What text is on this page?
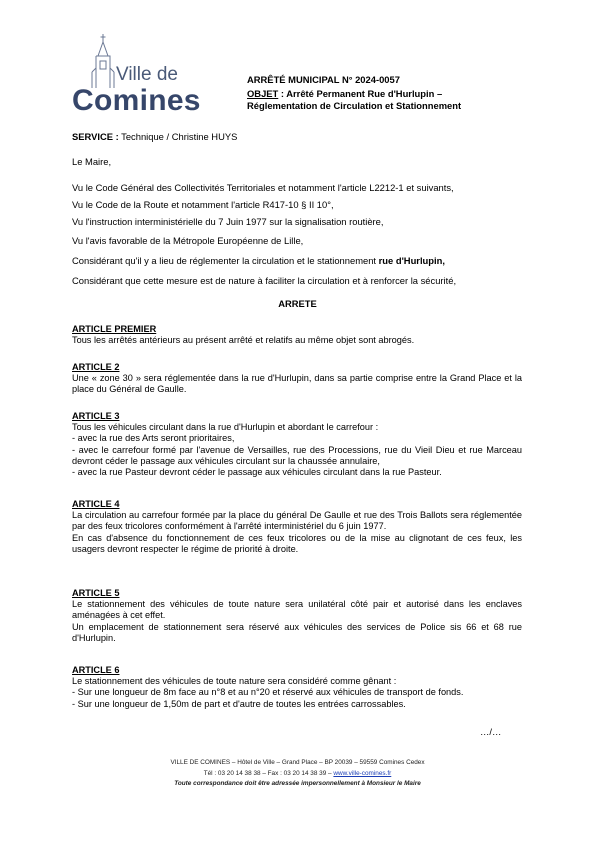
Ville de
Comines
ARRÊTÉ MUNICIPAL N° 2024-0057
OBJET : Arrêté Permanent Rue d'Hurlupin –
Réglementation de Circulation et Stationnement
SERVICE : Technique / Christine HUYS
Le Maire,
Vu le Code Général des Collectivités Territoriales et notamment l'article L2212-1 et suivants,
Vu le Code de la Route et notamment l'article R417-10 § II 10°,
Vu l'instruction interministérielle du 7 Juin 1977 sur la signalisation routière,
Vu l'avis favorable de la Métropole Européenne de Lille,
Considérant qu'il y a lieu de réglementer la circulation et le stationnement rue d'Hurlupin,
Considérant que cette mesure est de nature à faciliter la circulation et à renforcer la sécurité,
ARRETE

ARTICLE PREMIER

Tous les arrêtés antérieurs au présent arrêté et relatifs au même objet sont abrogés.

ARTICLE 2

Une « zone 30 » sera réglementée dans la rue d'Hurlupin, dans sa partie comprise entre la Grand Place et la place du Général de Gaulle.

ARTICLE 3

Tous les véhicules circulant dans la rue d'Hurlupin et abordant le carrefour :

- avec la rue des Arts seront prioritaires,

- avec le carrefour formé par l'avenue de Versailles, rue des Processions, rue du Vieil Dieu et rue Marceau devront céder le passage aux véhicules circulant sur la chaussée annulaire,

- avec la rue Pasteur devront céder le passage aux véhicules circulant dans la rue Pasteur.

ARTICLE 4

La circulation au carrefour formée par la place du général De Gaulle et rue des Trois Ballots sera réglementée par des feux tricolores conformément à l'arrêté interministériel du 6 juin 1977.

En cas d'absence du fonctionnement de ces feux tricolores ou de la mise au clignotant de ces feux, les usagers devront respecter le régime de priorité à droite.

ARTICLE 5

Le stationnement des véhicules de toute nature sera unilatéral côté pair et autorisé dans les enclaves aménagées à cet effet.

Un emplacement de stationnement sera réservé aux véhicules des services de Police sis 66 et 68 rue d'Hurlupin.

ARTICLE 6

Le stationnement des véhicules de toute nature sera considéré comme gênant :

- Sur une longueur de 8m face au n°8 et au n°20 et réservé aux véhicules de transport de fonds.

- Sur une longueur de 1,50m de part et d'autre de toutes les entrées carrossables.

…/…
VILLE DE COMINES – Hôtel de Ville – Grand Place – BP 20039 – 59559 Comines Cedex
Tél : 03 20 14 38 38 – Fax : 03 20 14 38 39 – www.ville-comines.fr
Toute correspondance doit être adressée impersonnellement à Monsieur le Maire
